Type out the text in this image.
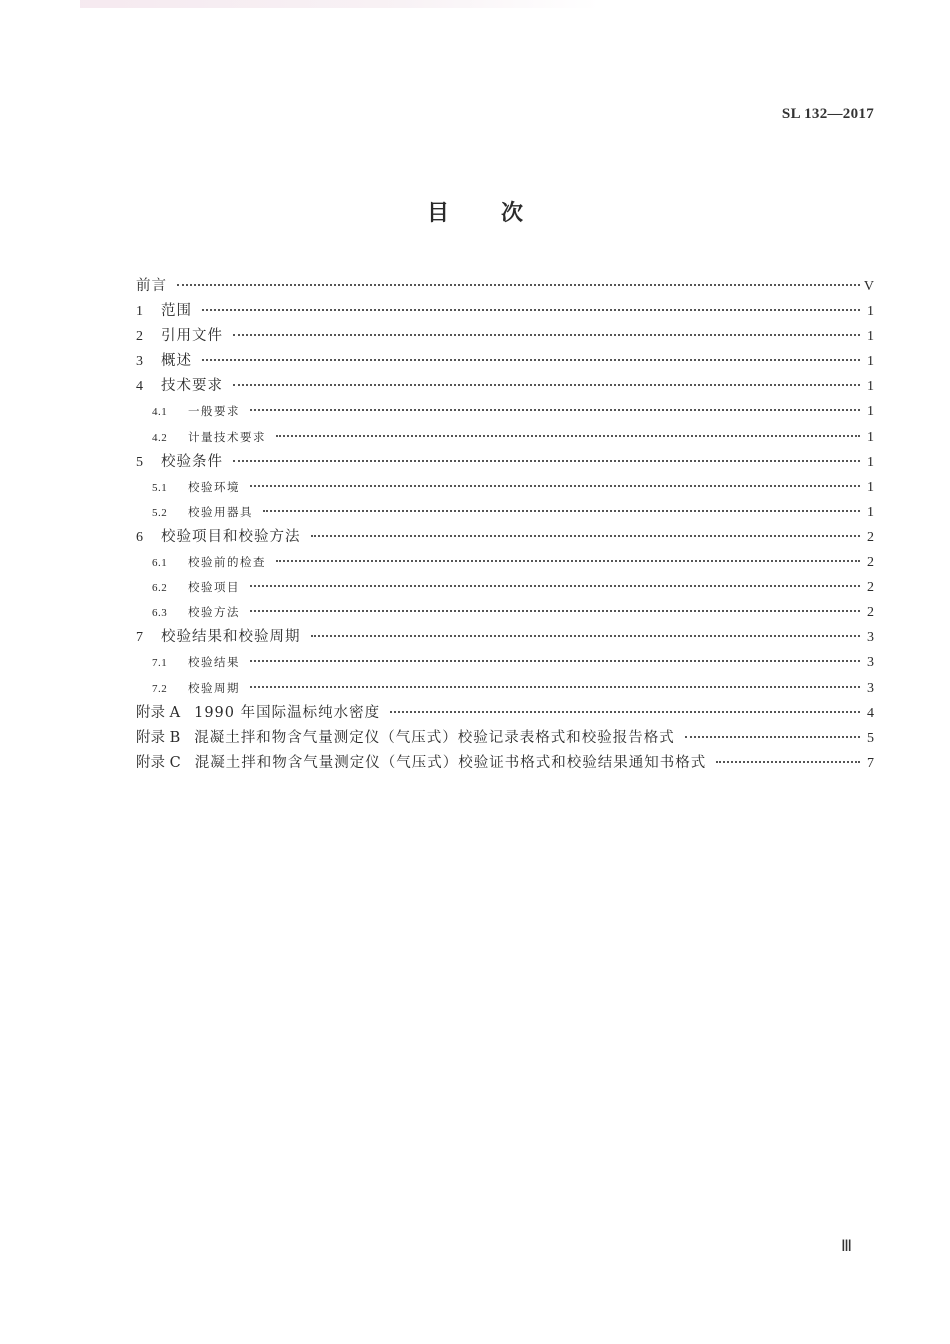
SL 132—2017
目 次
前言	V
1	范围	1
2	引用文件	1
3	概述	1
4	技术要求	1
4.1	一般要求	1
4.2	计量技术要求	1
5	校验条件	1
5.1	校验环境	1
5.2	校验用器具	1
6	校验项目和校验方法	2
6.1	校验前的检查	2
6.2	校验项目	2
6.3	校验方法	2
7	校验结果和校验周期	3
7.1	校验结果	3
7.2	校验周期	3
附录 A 1990 年国际温标纯水密度	4
附录 B 混凝土拌和物含气量测定仪（气压式）校验记录表格式和校验报告格式	5
附录 C 混凝土拌和物含气量测定仪（气压式）校验证书格式和校验结果通知书格式	7
Ⅲ
